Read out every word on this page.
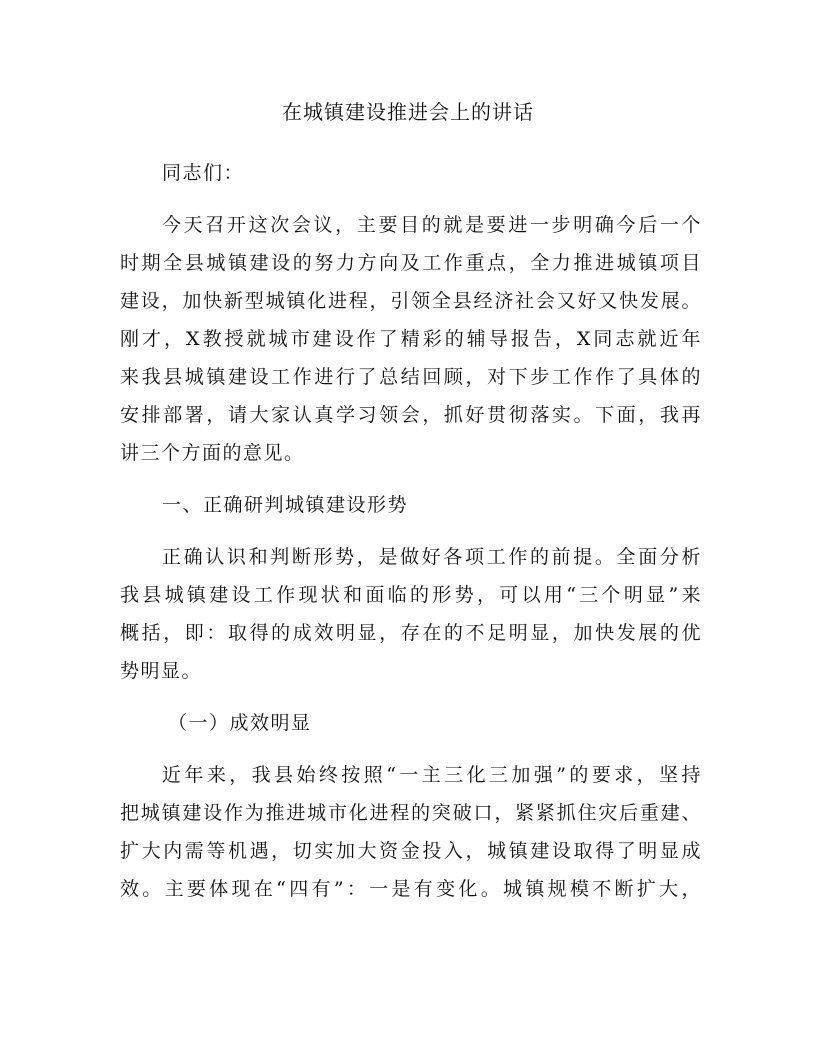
在城镇建设推进会上的讲话
同志们：
今天召开这次会议，主要目的就是要进一步明确今后一个
时期全县城镇建设的努力方向及工作重点，全力推进城镇项目
建设，加快新型城镇化进程，引领全县经济社会又好又快发展。
刚才，X教授就城市建设作了精彩的辅导报告，X同志就近年
来我县城镇建设工作进行了总结回顾，对下步工作作了具体的
安排部署，请大家认真学习领会，抓好贯彻落实。下面，我再
讲三个方面的意见。
一、正确研判城镇建设形势
正确认识和判断形势，是做好各项工作的前提。全面分析
我县城镇建设工作现状和面临的形势，可以用“三个明显”来
概括，即：取得的成效明显，存在的不足明显，加快发展的优
势明显。
（一）成效明显
近年来，我县始终按照“一主三化三加强”的要求，坚持
把城镇建设作为推进城市化进程的突破口，紧紧抓住灾后重建、
扩大内需等机遇，切实加大资金投入，城镇建设取得了明显成
效。主要体现在“四有”：一是有变化。城镇规模不断扩大，
